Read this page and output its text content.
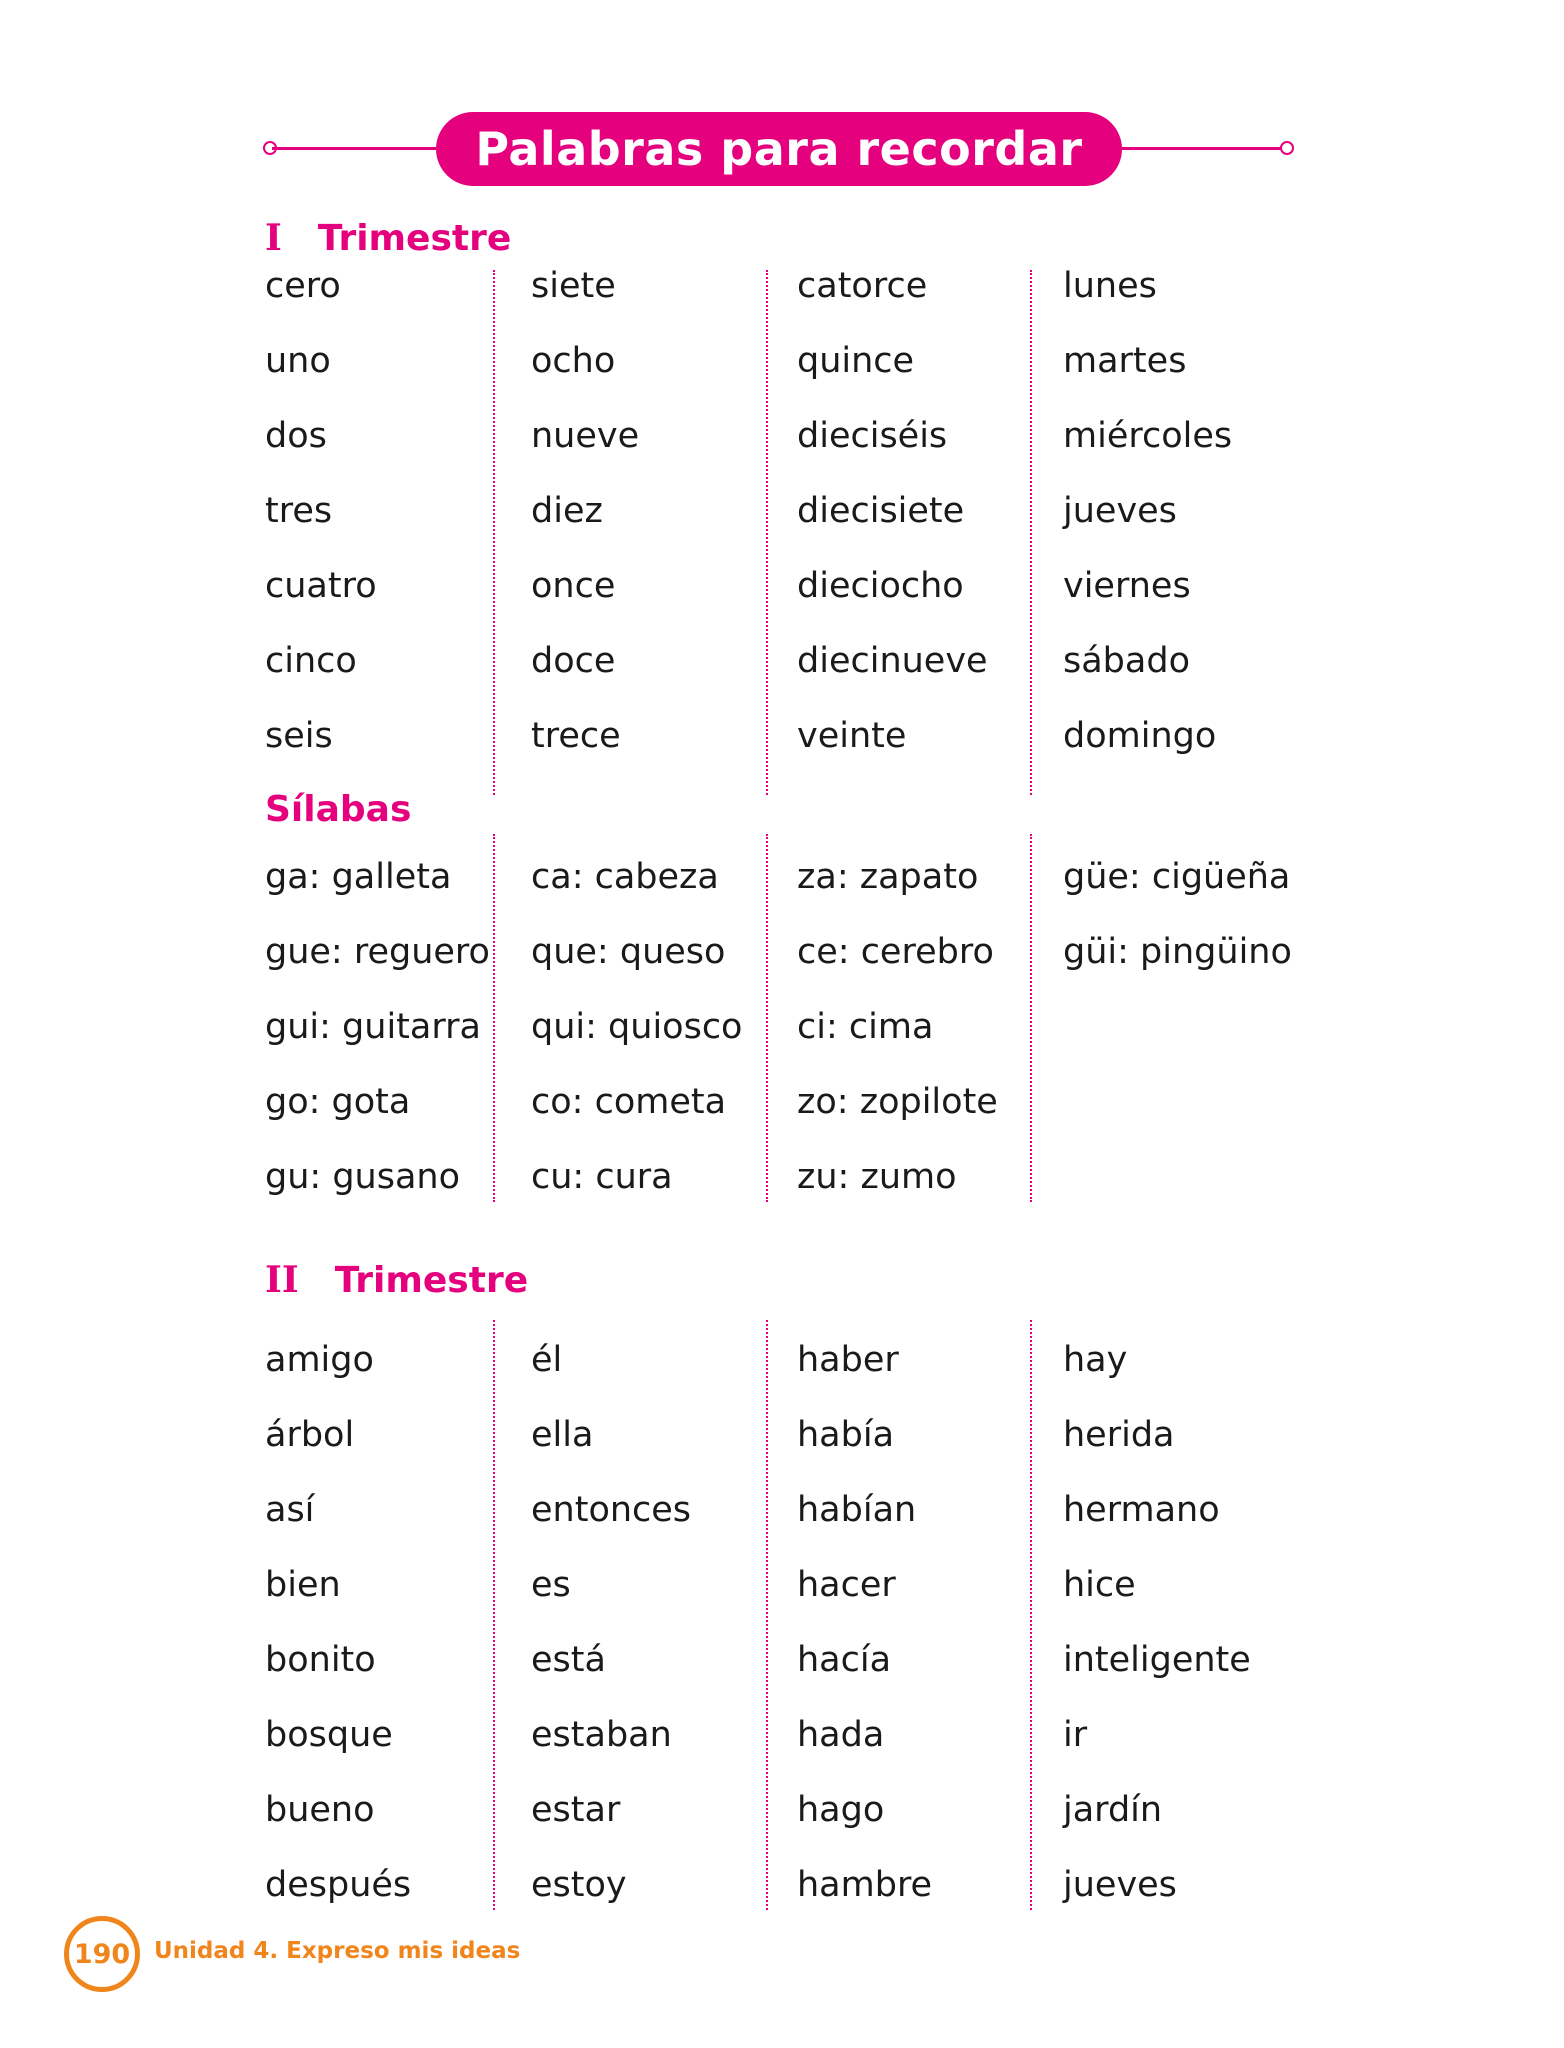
Palabras para recordar
I Trimestre
Sílabas
II Trimestre
cero
uno
dos
tres
cuatro
cinco
seis
siete
ocho
nueve
diez
once
doce
trece
catorce
quince
dieciséis
diecisiete
dieciocho
diecinueve
veinte
lunes
martes
miércoles
jueves
viernes
sábado
domingo
ga: galleta
gue: reguero
gui: guitarra
go: gota
gu: gusano
ca: cabeza
que: queso
qui: quiosco
co: cometa
cu: cura
za: zapato
ce: cerebro
ci: cima
zo: zopilote
zu: zumo
güe: cigüeña
güi: pingüino
amigo
árbol
así
bien
bonito
bosque
bueno
después
él
ella
entonces
es
está
estaban
estar
estoy
haber
había
habían
hacer
hacía
hada
hago
hambre
hay
herida
hermano
hice
inteligente
ir
jardín
jueves
190 Unidad 4. Expreso mis ideas
